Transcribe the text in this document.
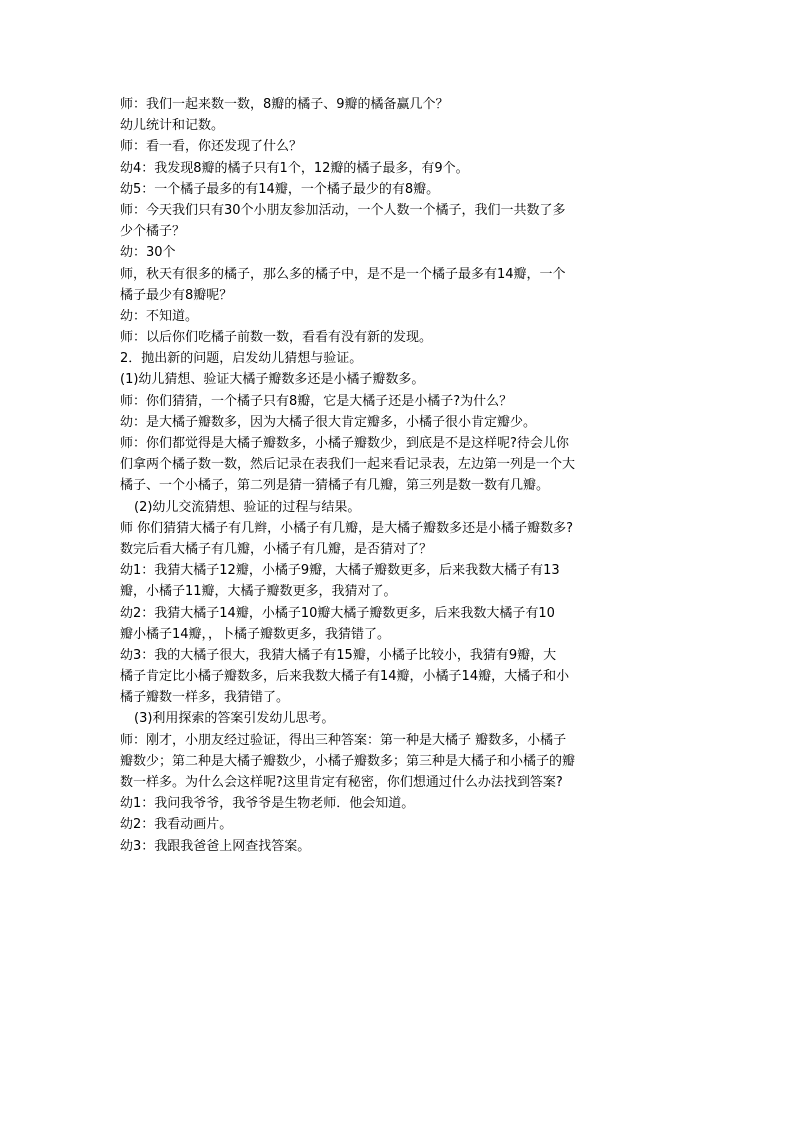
师：我们一起来数一数，8瓣的橘子、9瓣的橘备赢几个？
幼儿统计和记数。
师：看一看，你还发现了什么？
幼4：我发现8瓣的橘子只有1个，12瓣的橘子最多，有9个。
幼5：一个橘子最多的有14瓣，一个橘子最少的有8瓣。
师：今天我们只有30个小朋友参加活动，一个人数一个橘子，我们一共数了多
少个橘子？
幼：30个
师，秋天有很多的橘子，那么多的橘子中，是不是一个橘子最多有14瓣，一个
橘子最少有8瓣呢？
幼：不知道。
师：以后你们吃橘子前数一数，看看有没有新的发现。
2．抛出新的问题，启发幼儿猜想与验证。
(1)幼儿猜想、验证大橘子瓣数多还是小橘子瓣数多。
师：你们猜猜，一个橘子只有8瓣，它是大橘子还是小橘子?为什么？
幼：是大橘子瓣数多，因为大橘子很大肯定瓣多，小橘子很小肯定瓣少。
师：你们都觉得是大橘子瓣数多，小橘子瓣数少，到底是不是这样呢?待会儿你
们拿两个橘子数一数，然后记录在表我们一起来看记录表，左边第一列是一个大
橘子、一个小橘子，第二列是猜一猜橘子有几瓣，第三列是数一数有几瓣。
(2)幼儿交流猜想、验证的过程与结果。
师 你们猜猜大橘子有几辫，小橘子有几瓣，是大橘子瓣数多还是小橘子瓣数多?
数完后看大橘子有几瓣，小橘子有几瓣，是否猜对了？
幼1：我猜大橘子12瓣，小橘子9瓣，大橘子瓣数更多，后来我数大橘子有13
瓣，小橘子11瓣，大橘子瓣数更多，我猜对了。
幼2：我猜大橘子14瓣，小橘子10瓣大橘子瓣数更多，后来我数大橘子有10
瓣小橘子14瓣，，卜橘子瓣数更多，我猜错了。
幼3：我的大橘子很大，我猜大橘子有15瓣，小橘子比较小，我猜有9瓣，大
橘子肯定比小橘子瓣数多，后来我数大橘子有14瓣，小橘子14瓣，大橘子和小
橘子瓣数一样多，我猜错了。
(3)利用探索的答案引发幼儿思考。
师：刚才，小朋友经过验证，得出三种答案：第一种是大橘子 瓣数多，小橘子
瓣数少；第二种是大橘子瓣数少，小橘子瓣数多；第三种是大橘子和小橘子的瓣
数一样多。为什么会这样呢?这里肯定有秘密，你们想通过什么办法找到答案?
幼1：我问我爷爷，我爷爷是生物老师．他会知道。
幼2：我看动画片。
幼3：我跟我爸爸上网查找答案。
